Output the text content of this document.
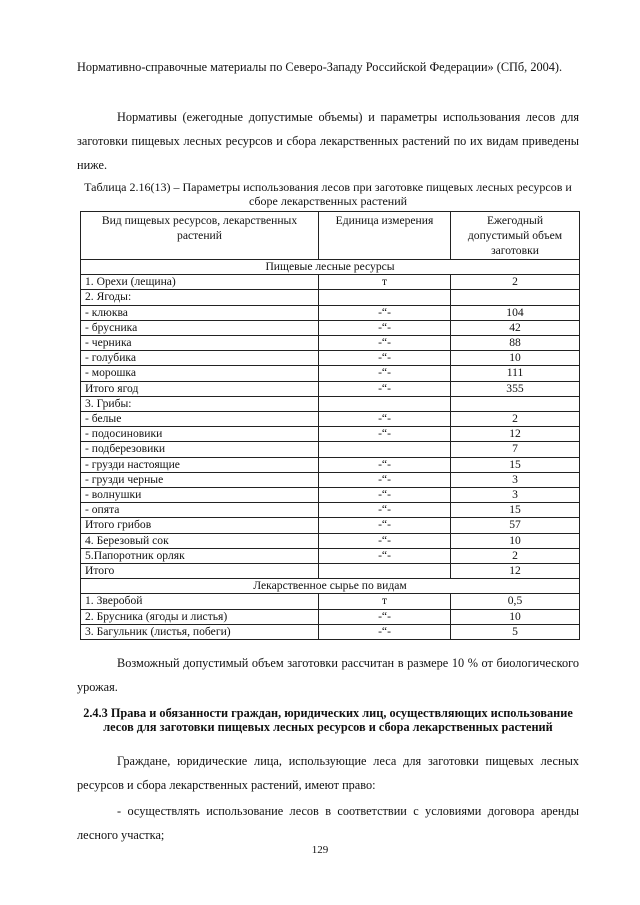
Нормативно-справочные материалы по Северо-Западу Российской Федерации» (СПб, 2004).
Нормативы (ежегодные допустимые объемы) и параметры использования лесов для заготовки пищевых лесных ресурсов и сбора лекарственных растений по их видам приведены ниже.
Таблица 2.16(13) – Параметры использования лесов при заготовке пищевых лесных ресурсов и сборе лекарственных растений
Вид пищевых ресурсов, лекарственных растений	Единица измерения	Ежегодный допустимый объем заготовки
Пищевые лесные ресурсы		
1. Орехи (лещина)	т	2
2. Ягоды:		
- клюква	-“-	104
- брусника	-“-	42
- черника	-“-	88
- голубика	-“-	10
- морошка	-“-	111
Итого ягод	-“-	355
3. Грибы:		
- белые	-“-	2
- подосиновики	-“-	12
- подберезовики		7
- грузди настоящие	-“-	15
- грузди черные	-“-	3
- волнушки	-“-	3
- опята	-“-	15
Итого грибов	-“-	57
4. Березовый сок	-“-	10
5.Папоротник орляк	-“-	2
Итого		12
Лекарственное сырье по видам		
1. Зверобой	т	0,5
2. Брусника (ягоды и листья)	-“-	10
3. Багульник (листья, побеги)	-“-	5
Возможный допустимый объем заготовки рассчитан в размере 10 % от биологического урожая.
2.4.3 Права и обязанности граждан, юридических лиц, осуществляющих использование лесов для заготовки пищевых лесных ресурсов и сбора лекарственных растений
Граждане, юридические лица, использующие леса для заготовки пищевых лесных ресурсов и сбора лекарственных растений, имеют право:
- осуществлять использование лесов в соответствии с условиями договора аренды лесного участка;
129
